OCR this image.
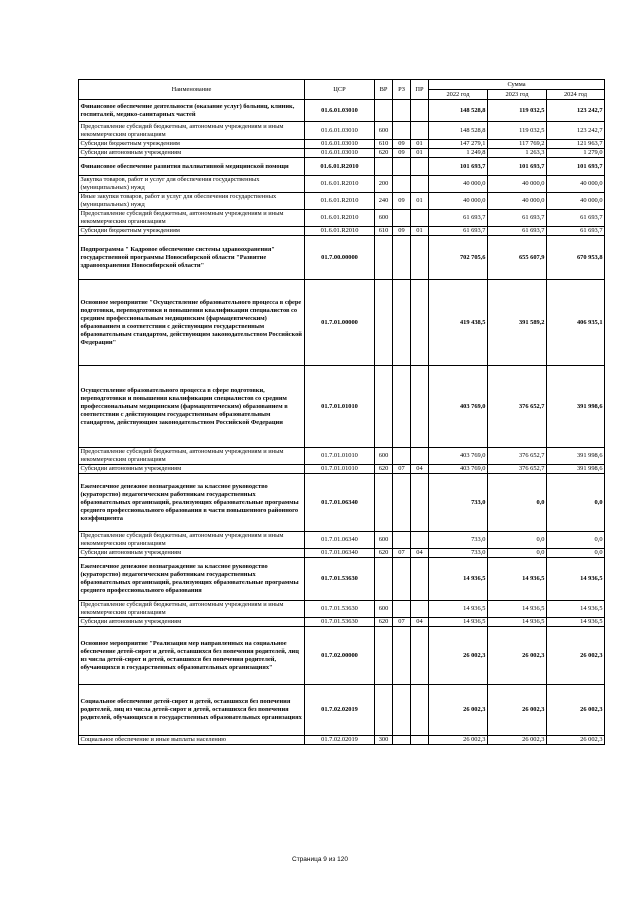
Наименование	ЦСР	ВР	РЗ	ПР	Сумма		
					2022 год	2023 год	2024 год
Финансовое обеспечение деятельности (оказание услуг) больниц, клиник, госпиталей, медико-санитарных частей	01.6.01.03010				148 528,8	119 032,5	123 242,7
Предоставление субсидий бюджетным, автономным учреждениям и иным некоммерческим организациям	01.6.01.03010	600			148 528,8	119 032,5	123 242,7
Субсидии бюджетным учреждениям	01.6.01.03010	610	09	01	147 279,1	117 769,2	121 963,7
Субсидии автономным учреждениям	01.6.01.03010	620	09	01	1 249,8	1 263,3	1 279,0
Финансовое обеспечение развития паллиативной медицинской помощи	01.6.01.R2010				101 693,7	101 693,7	101 693,7
Закупка товаров, работ и услуг для обеспечения государственных (муниципальных) нужд	01.6.01.R2010	200			40 000,0	40 000,0	40 000,0
Иные закупки товаров, работ и услуг для обеспечения государственных (муниципальных) нужд	01.6.01.R2010	240	09	01	40 000,0	40 000,0	40 000,0
Предоставление субсидий бюджетным, автономным учреждениям и иным некоммерческим организациям	01.6.01.R2010	600			61 693,7	61 693,7	61 693,7
Субсидии бюджетным учреждениям	01.6.01.R2010	610	09	01	61 693,7	61 693,7	61 693,7
Подпрограмма " Кадровое обеспечение системы здравоохранения" государственной программы Новосибирской области "Развитие здравоохранения Новосибирской области"	01.7.00.00000				702 705,6	655 607,9	670 953,8
Основное мероприятие "Осуществление образовательного процесса в сфере подготовки, переподготовки и повышения квалификации специалистов со средним профессиональным медицинским (фармацевтическим) образованием в соответствии с действующим государственным образовательным стандартом, действующим законодательством Российской Федерации"	01.7.01.00000				419 438,5	391 589,2	406 935,1
Осуществление образовательного процесса в сфере подготовки, переподготовки и повышения квалификации специалистов со средним профессиональным медицинским (фармацевтическим) образованием в соответствии с действующим государственным образовательным стандартом, действующим законодательством Российской Федерации	01.7.01.01010				403 769,0	376 652,7	391 998,6
Предоставление субсидий бюджетным, автономным учреждениям и иным некоммерческим организациям	01.7.01.01010	600			403 769,0	376 652,7	391 998,6
Субсидии автономным учреждениям	01.7.01.01010	620	07	04	403 769,0	376 652,7	391 998,6
Ежемесячное денежное вознаграждение за классное руководство (кураторство) педагогическим работникам государственных образовательных организаций, реализующих образовательные программы среднего профессионального образования в части повышенного районного коэффициента	01.7.01.06340				733,0	0,0	0,0
Предоставление субсидий бюджетным, автономным учреждениям и иным некоммерческим организациям	01.7.01.06340	600			733,0	0,0	0,0
Субсидии автономным учреждениям	01.7.01.06340	620	07	04	733,0	0,0	0,0
Ежемесячное денежное вознаграждение за классное руководство (кураторство) педагогическим работникам государственных образовательных организаций, реализующих образовательные программы среднего профессионального образования	01.7.01.53630				14 936,5	14 936,5	14 936,5
Предоставление субсидий бюджетным, автономным учреждениям и иным некоммерческим организациям	01.7.01.53630	600			14 936,5	14 936,5	14 936,5
Субсидии автономным учреждениям	01.7.01.53630	620	07	04	14 936,5	14 936,5	14 936,5
Основное мероприятие "Реализация мер направленных на социальное обеспечение детей-сирот и детей, оставшихся без попечения родителей, лиц из числа детей-сирот и детей, оставшихся без попечения родителей, обучающихся в государственных образовательных организациях"	01.7.02.00000				26 002,3	26 002,3	26 002,3
Социальное обеспечение детей-сирот и детей, оставшихся без попечения родителей, лиц из числа детей-сирот и детей, оставшихся без попечения родителей, обучающихся в государственных образовательных организациях	01.7.02.02019				26 002,3	26 002,3	26 002,3
Социальное обеспечение и иные выплаты населению	01.7.02.02019	300			26 002,3	26 002,3	26 002,3
Страница 9 из 120
